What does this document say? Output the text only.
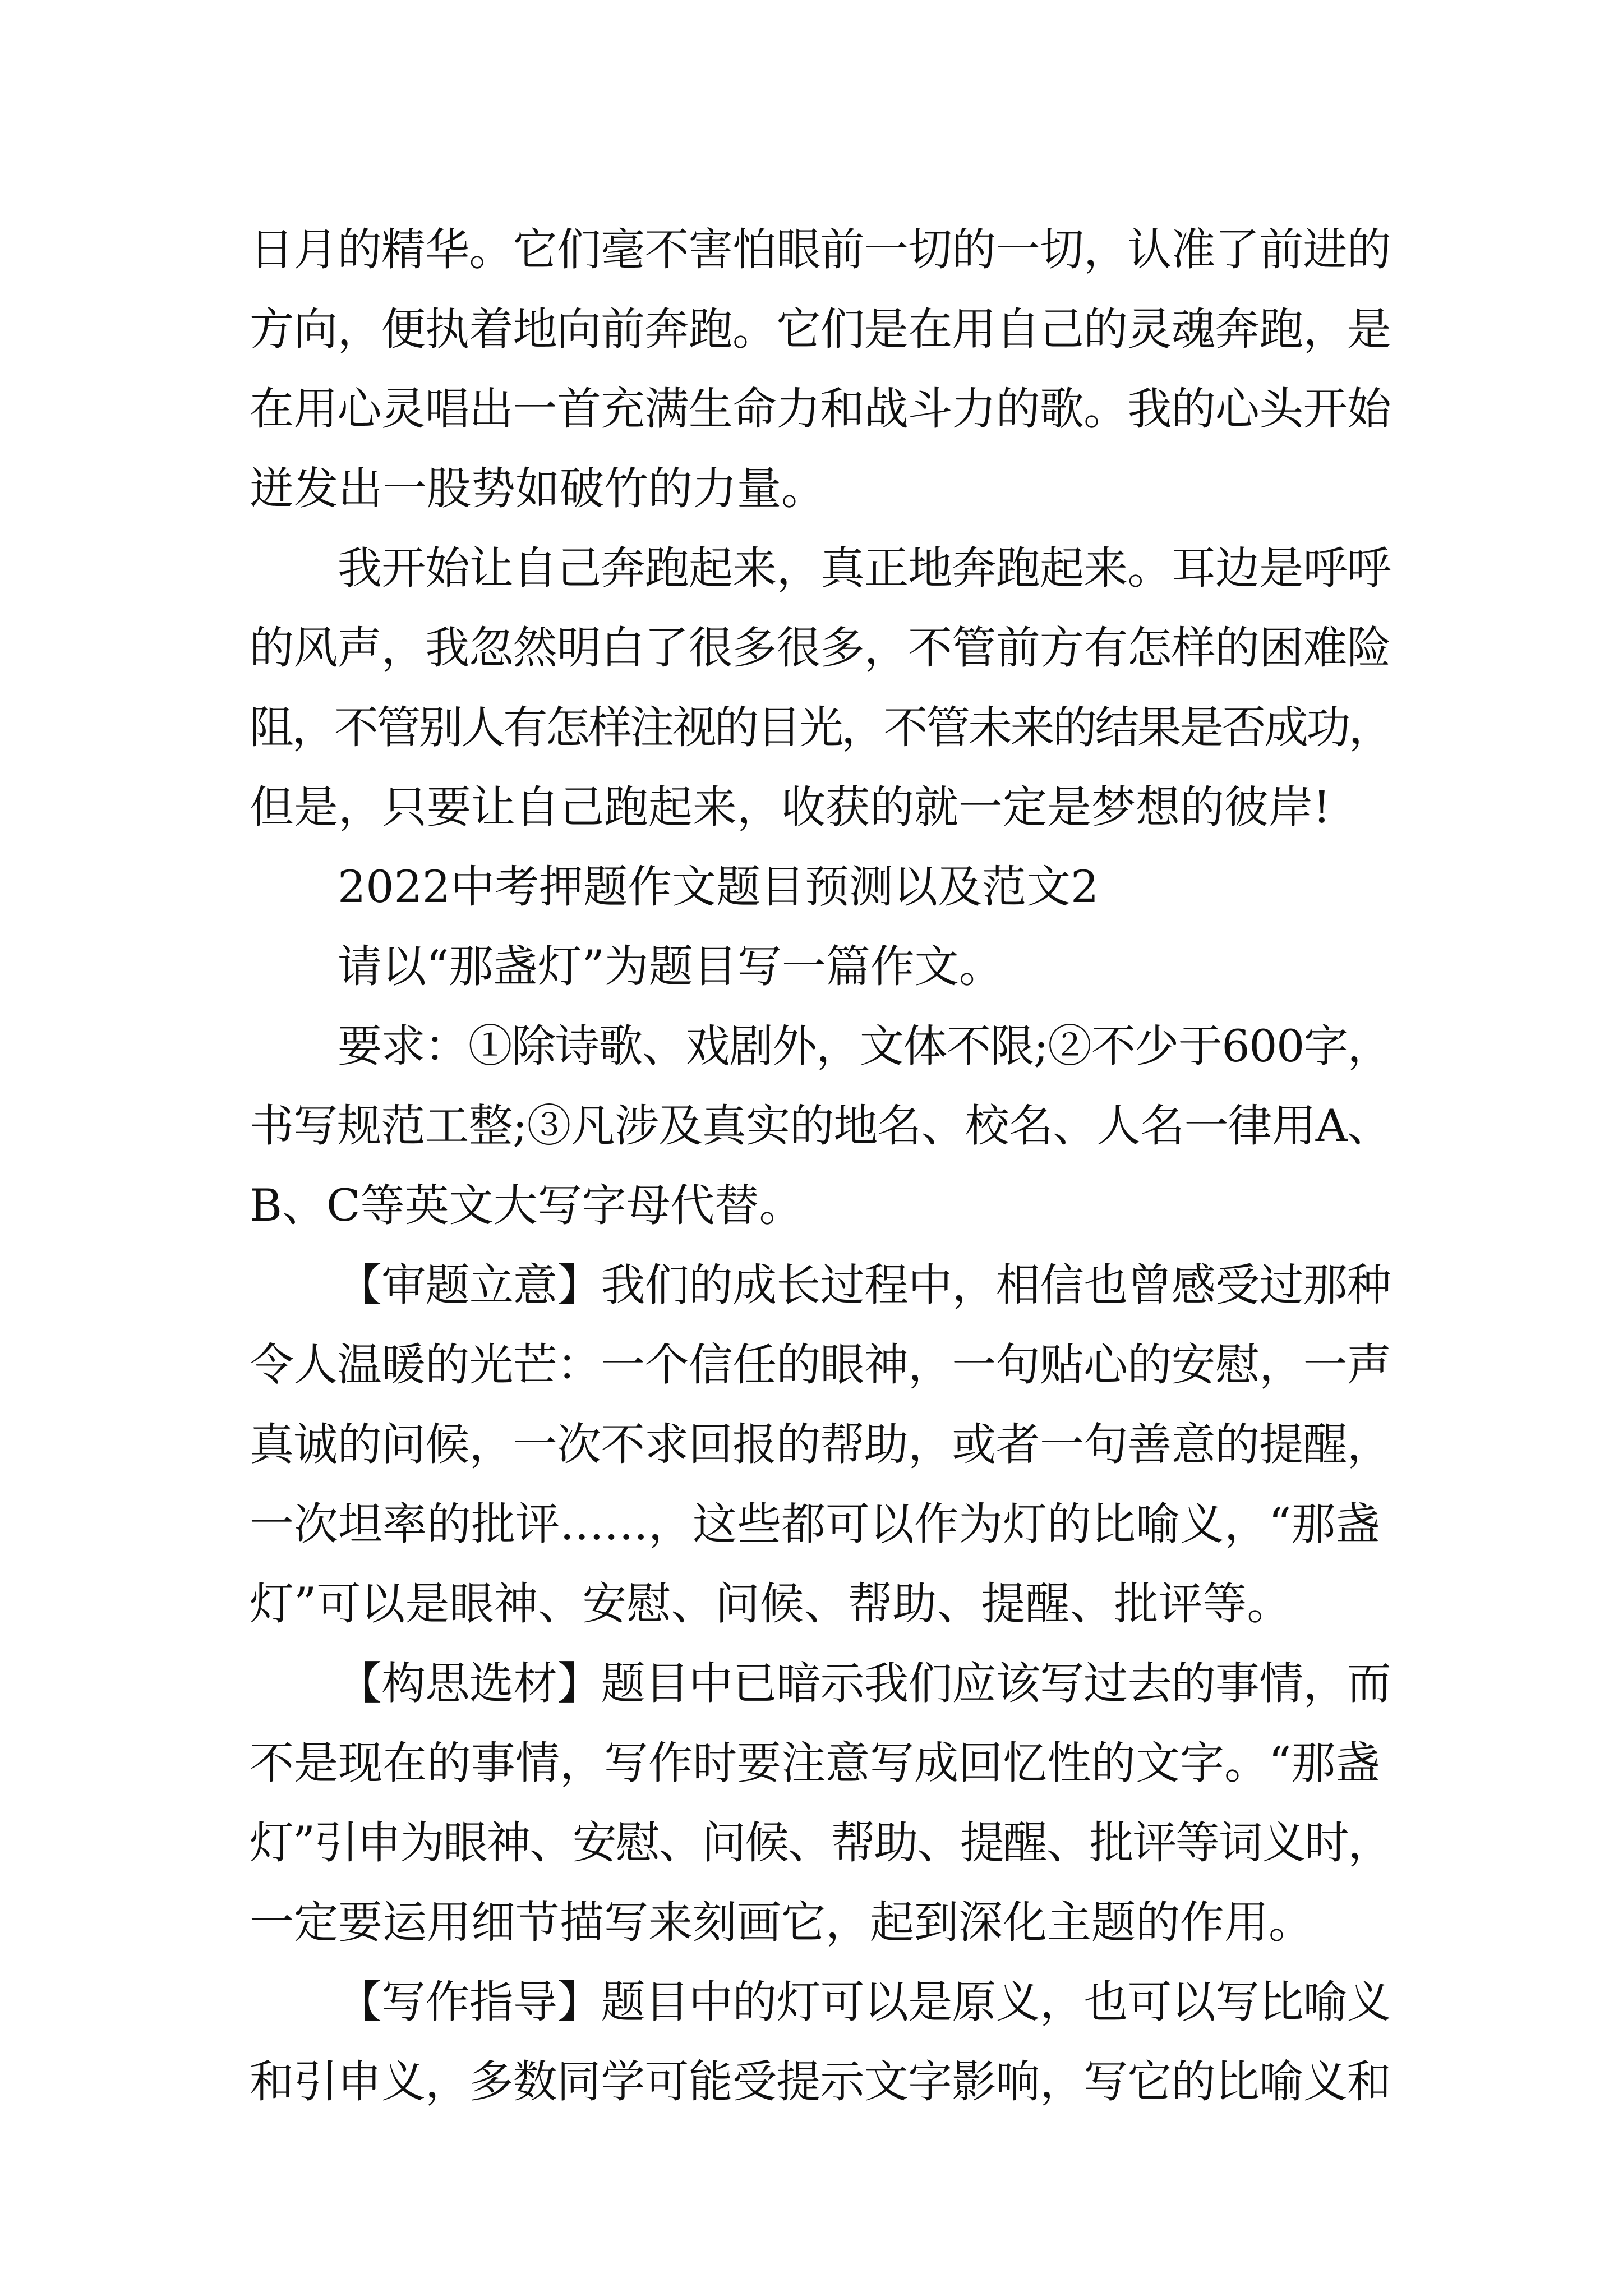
日月的精华。它们毫不害怕眼前一切的一切，认准了前进的

方向，便执着地向前奔跑。它们是在用自己的灵魂奔跑，是

在用心灵唱出一首充满生命力和战斗力的歌。我的心头开始

迸发出一股势如破竹的力量。

我开始让自己奔跑起来，真正地奔跑起来。耳边是呼呼

的风声，我忽然明白了很多很多，不管前方有怎样的困难险

阻，不管别人有怎样注视的目光，不管未来的结果是否成功，

但是，只要让自己跑起来，收获的就一定是梦想的彼岸!

2022中考押题作文题目预测以及范文2

请以“那盏灯”为题目写一篇作文。

要求：①除诗歌、戏剧外，文体不限;②不少于600字，

书写规范工整;③凡涉及真实的地名、校名、人名一律用A、

B、C等英文大写字母代替。

【审题立意】我们的成长过程中，相信也曾感受过那种

令人温暖的光芒：一个信任的眼神，一句贴心的安慰，一声

真诚的问候，一次不求回报的帮助，或者一句善意的提醒，

一次坦率的批评……，这些都可以作为灯的比喻义，“那盏

灯”可以是眼神、安慰、问候、帮助、提醒、批评等。

【构思选材】题目中已暗示我们应该写过去的事情，而

不是现在的事情，写作时要注意写成回忆性的文字。“那盏

灯”引申为眼神、安慰、问候、帮助、提醒、批评等词义时，

一定要运用细节描写来刻画它，起到深化主题的作用。

【写作指导】题目中的灯可以是原义，也可以写比喻义

和引申义，多数同学可能受提示文字影响，写它的比喻义和
